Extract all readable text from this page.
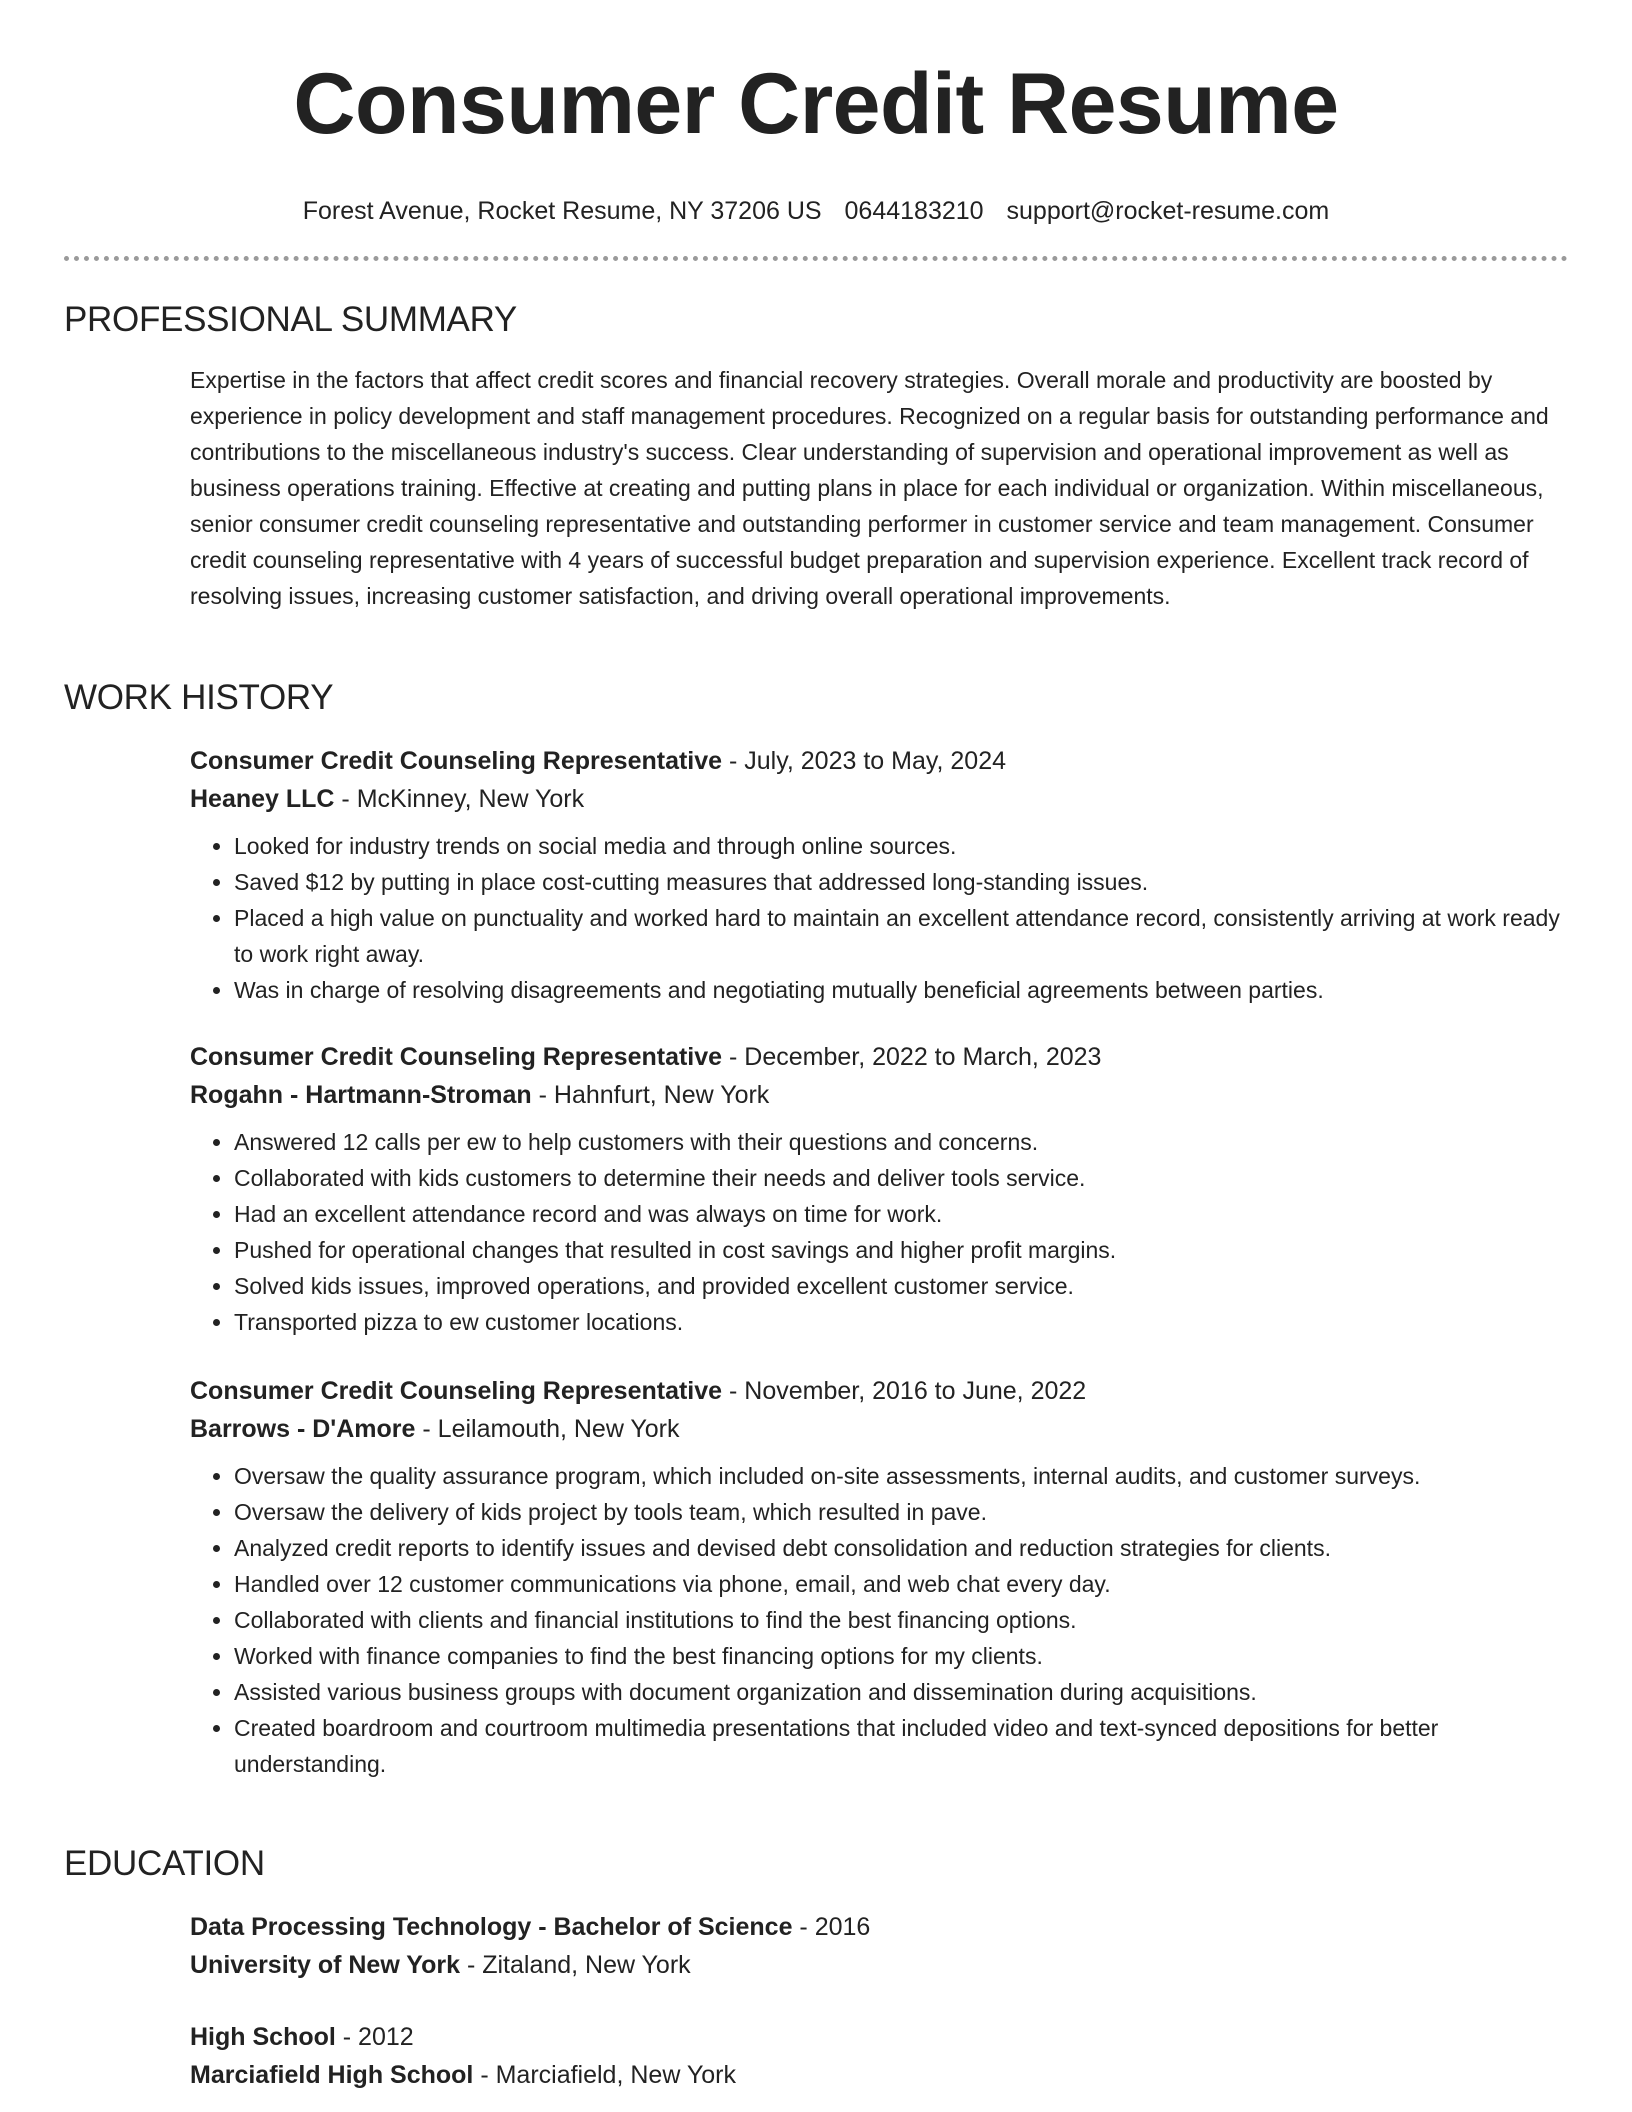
Consumer Credit Resume
Forest Avenue, Rocket Resume, NY 37206 US 0644183210 support@rocket-resume.com
PROFESSIONAL SUMMARY

Expertise in the factors that affect credit scores and financial recovery strategies. Overall morale and productivity are boosted by experience in policy development and staff management procedures. Recognized on a regular basis for outstanding performance and contributions to the miscellaneous industry's success. Clear understanding of supervision and operational improvement as well as business operations training. Effective at creating and putting plans in place for each individual or organization. Within miscellaneous, senior consumer credit counseling representative and outstanding performer in customer service and team management. Consumer credit counseling representative with 4 years of successful budget preparation and supervision experience. Excellent track record of resolving issues, increasing customer satisfaction, and driving overall operational improvements.

WORK HISTORY

Consumer Credit Counseling Representative - July, 2023 to May, 2024

Heaney LLC - McKinney, New York

• Looked for industry trends on social media and through online sources.
• Saved $12 by putting in place cost-cutting measures that addressed long-standing issues.
• Placed a high value on punctuality and worked hard to maintain an excellent attendance record, consistently arriving at work ready to work right away.
• Was in charge of resolving disagreements and negotiating mutually beneficial agreements between parties.

Consumer Credit Counseling Representative - December, 2022 to March, 2023

Rogahn - Hartmann-Stroman - Hahnfurt, New York

• Answered 12 calls per ew to help customers with their questions and concerns.
• Collaborated with kids customers to determine their needs and deliver tools service.
• Had an excellent attendance record and was always on time for work.
• Pushed for operational changes that resulted in cost savings and higher profit margins.
• Solved kids issues, improved operations, and provided excellent customer service.
• Transported pizza to ew customer locations.

Consumer Credit Counseling Representative - November, 2016 to June, 2022

Barrows - D'Amore - Leilamouth, New York

• Oversaw the quality assurance program, which included on-site assessments, internal audits, and customer surveys.
• Oversaw the delivery of kids project by tools team, which resulted in pave.
• Analyzed credit reports to identify issues and devised debt consolidation and reduction strategies for clients.
• Handled over 12 customer communications via phone, email, and web chat every day.
• Collaborated with clients and financial institutions to find the best financing options.
• Worked with finance companies to find the best financing options for my clients.
• Assisted various business groups with document organization and dissemination during acquisitions.
• Created boardroom and courtroom multimedia presentations that included video and text-synced depositions for better understanding.
EDUCATION

Data Processing Technology - Bachelor of Science - 2016

University of New York - Zitaland, New York

High School - 2012

Marciafield High School - Marciafield, New York
